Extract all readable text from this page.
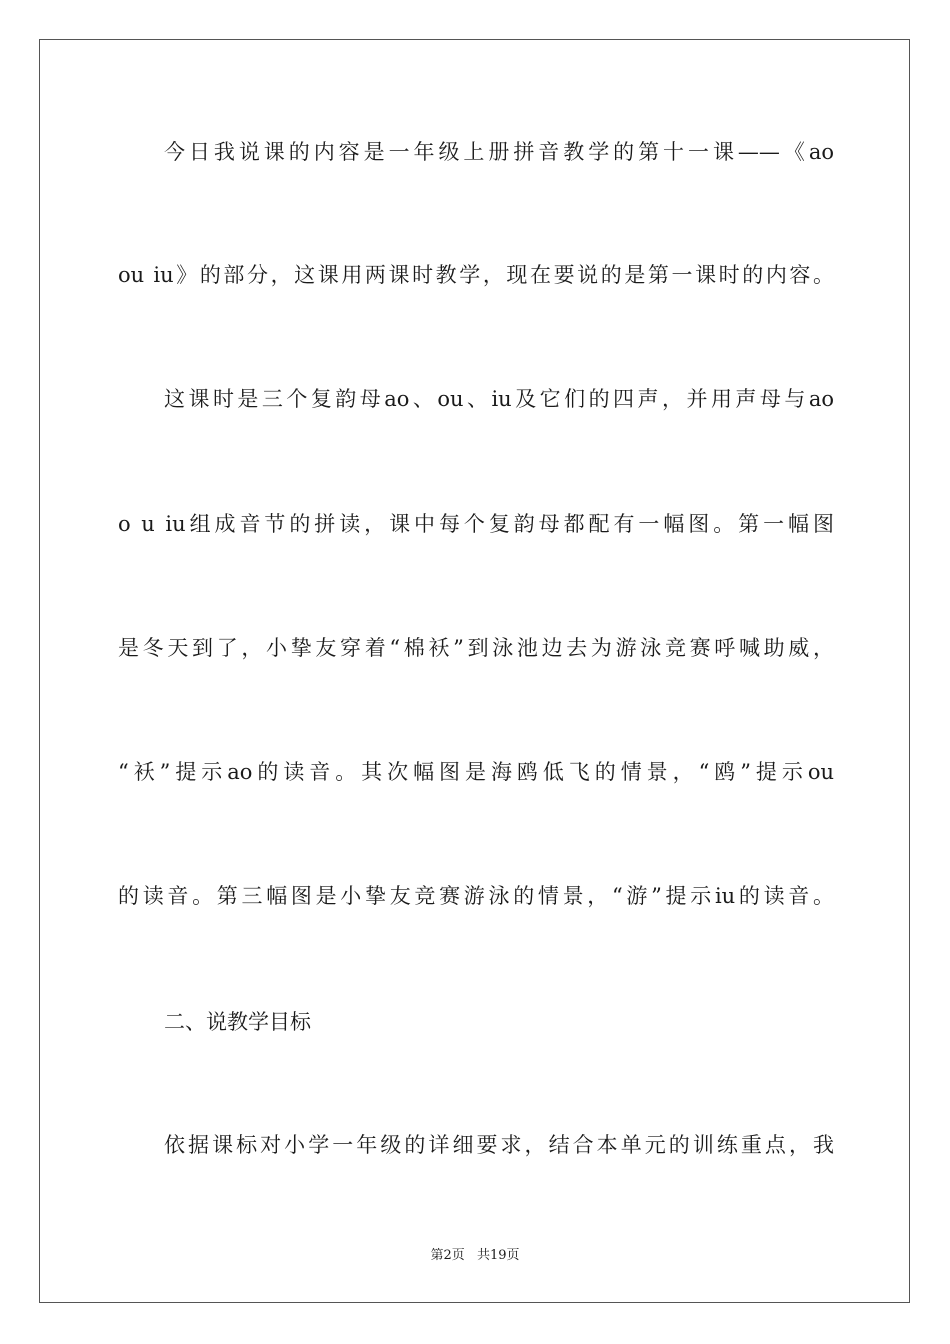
今日我说课的内容是一年级上册拼音教学的第十一课——《ao
ou iu》的部分，这课用两课时教学，现在要说的是第一课时的内容。
这课时是三个复韵母ao、ou、iu及它们的四声，并用声母与ao
o u iu组成音节的拼读，课中每个复韵母都配有一幅图。第一幅图
是冬天到了，小挚友穿着“棉袄”到泳池边去为游泳竞赛呼喊助威，
“袄”提示ao的读音。其次幅图是海鸥低飞的情景，“鸥”提示ou
的读音。第三幅图是小挚友竞赛游泳的情景，“游”提示iu的读音。
二、说教学目标
依据课标对小学一年级的详细要求，结合本单元的训练重点，我
第2页 共19页
